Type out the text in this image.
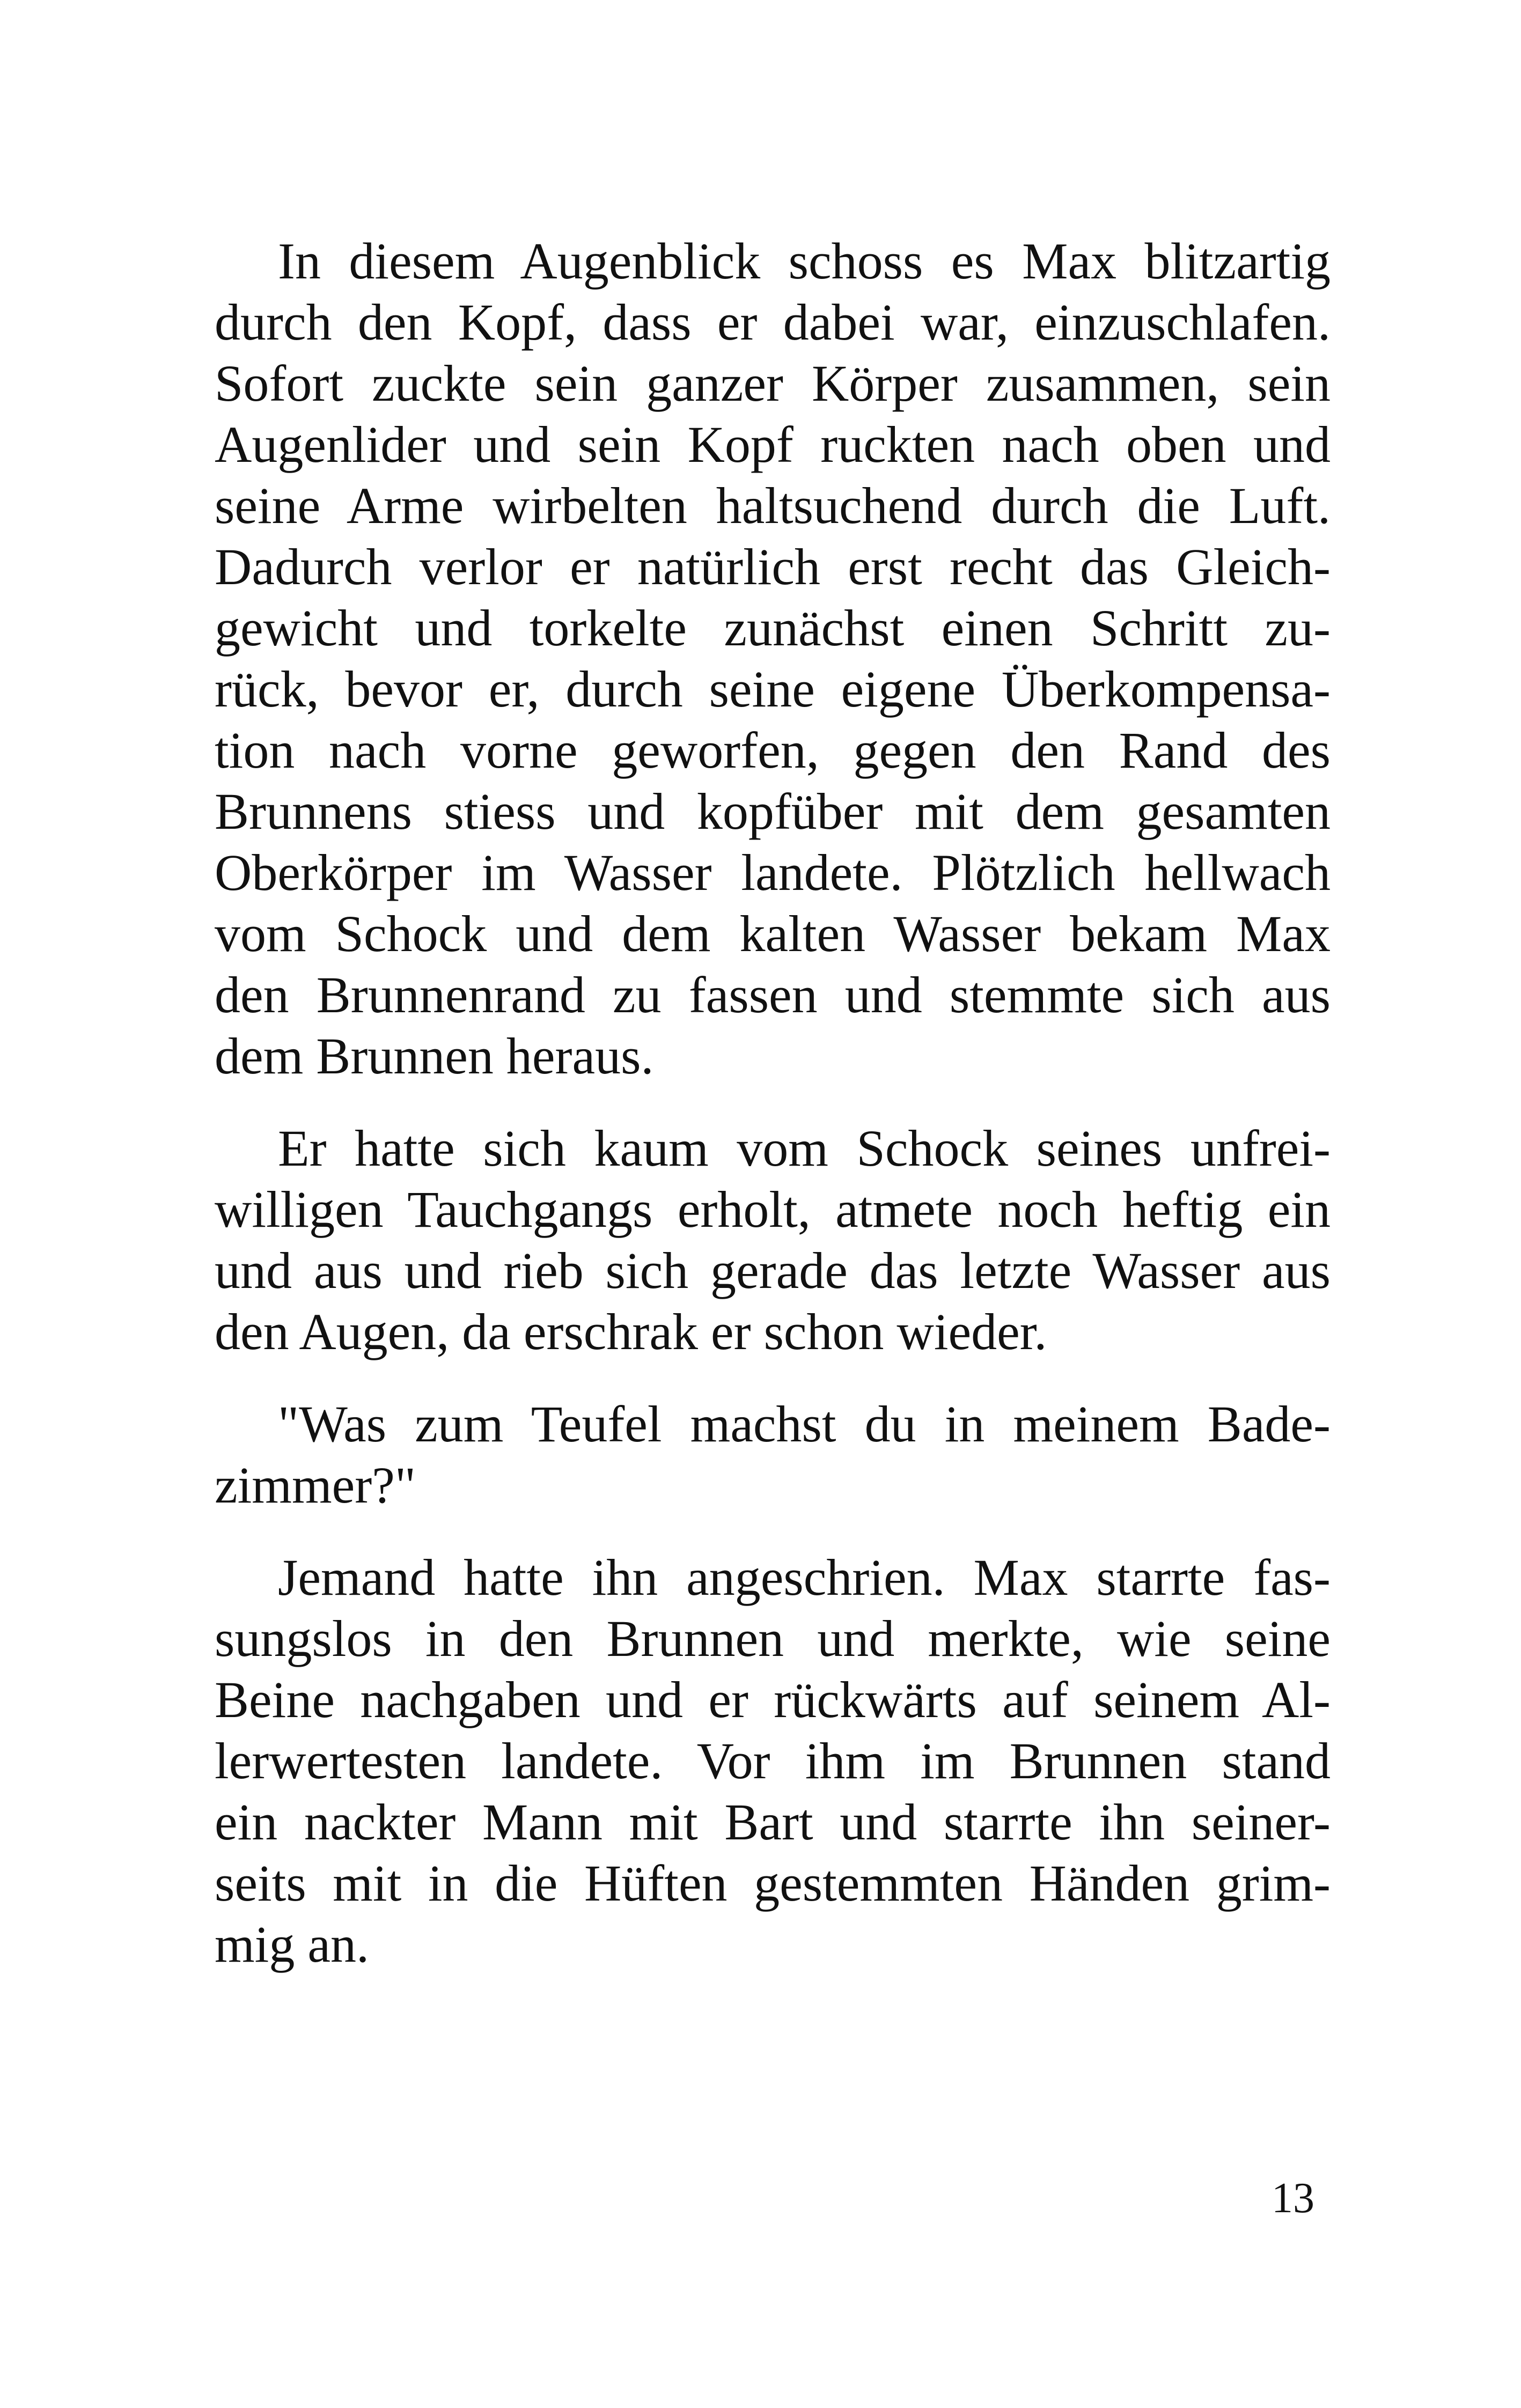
In diesem Augenblick schoss es Max blitzartig
durch den Kopf, dass er dabei war, einzuschlafen.
Sofort zuckte sein ganzer Körper zusammen, sein
Augenlider und sein Kopf ruckten nach oben und
seine Arme wirbelten haltsuchend durch die Luft.
Dadurch verlor er natürlich erst recht das Gleich-
gewicht und torkelte zunächst einen Schritt zu-
rück, bevor er, durch seine eigene Überkompensa-
tion nach vorne geworfen, gegen den Rand des
Brunnens stiess und kopfüber mit dem gesamten
Oberkörper im Wasser landete. Plötzlich hellwach
vom Schock und dem kalten Wasser bekam Max
den Brunnenrand zu fassen und stemmte sich aus
dem Brunnen heraus.

Er hatte sich kaum vom Schock seines unfrei-
willigen Tauchgangs erholt, atmete noch heftig ein
und aus und rieb sich gerade das letzte Wasser aus
den Augen, da erschrak er schon wieder.

"Was zum Teufel machst du in meinem Bade-
zimmer?"

Jemand hatte ihn angeschrien. Max starrte fas-
sungslos in den Brunnen und merkte, wie seine
Beine nachgaben und er rückwärts auf seinem Al-
lerwertesten landete. Vor ihm im Brunnen stand
ein nackter Mann mit Bart und starrte ihn seiner-
seits mit in die Hüften gestemmten Händen grim-
mig an.

13
